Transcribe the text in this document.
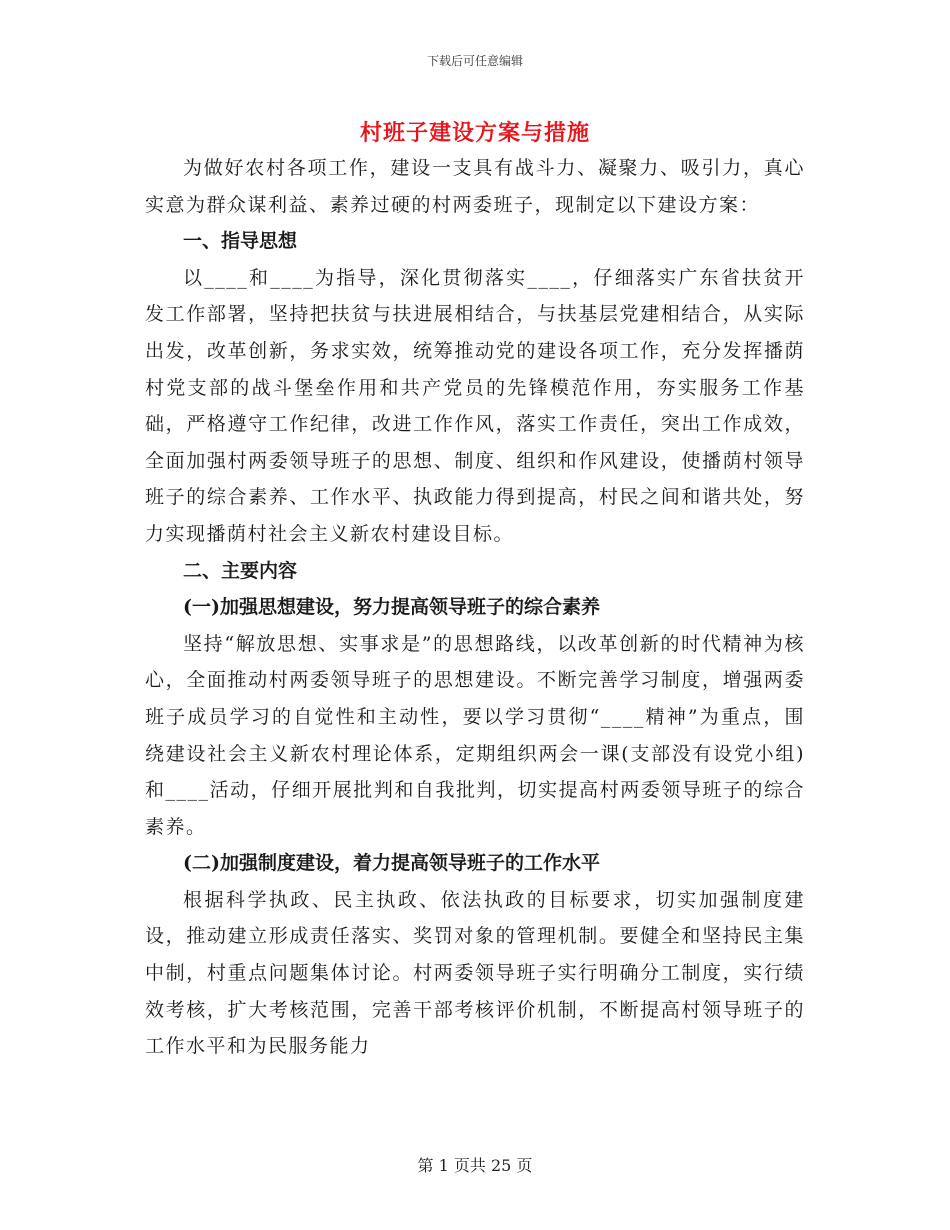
下载后可任意编辑
村班子建设方案与措施

为做好农村各项工作，建设一支具有战斗力、凝聚力、吸引力，真心实意为群众谋利益、素养过硬的村两委班子，现制定以下建设方案：

一、指导思想

以____和____为指导，深化贯彻落实____，仔细落实广东省扶贫开发工作部署，坚持把扶贫与扶进展相结合，与扶基层党建相结合，从实际出发，改革创新，务求实效，统筹推动党的建设各项工作，充分发挥播荫村党支部的战斗堡垒作用和共产党员的先锋模范作用，夯实服务工作基础，严格遵守工作纪律，改进工作作风，落实工作责任，突出工作成效，全面加强村两委领导班子的思想、制度、组织和作风建设，使播荫村领导班子的综合素养、工作水平、执政能力得到提高，村民之间和谐共处，努力实现播荫村社会主义新农村建设目标。

二、主要内容

(一)加强思想建设，努力提高领导班子的综合素养

坚持“解放思想、实事求是”的思想路线，以改革创新的时代精神为核心，全面推动村两委领导班子的思想建设。不断完善学习制度，增强两委班子成员学习的自觉性和主动性，要以学习贯彻“____精神”为重点，围绕建设社会主义新农村理论体系，定期组织两会一课(支部没有设党小组)和____活动，仔细开展批判和自我批判，切实提高村两委领导班子的综合素养。

(二)加强制度建设，着力提高领导班子的工作水平

根据科学执政、民主执政、依法执政的目标要求，切实加强制度建设，推动建立形成责任落实、奖罚对象的管理机制。要健全和坚持民主集中制，村重点问题集体讨论。村两委领导班子实行明确分工制度，实行绩效考核，扩大考核范围，完善干部考核评价机制，不断提高村领导班子的工作水平和为民服务能力

第 1 页共 25 页
